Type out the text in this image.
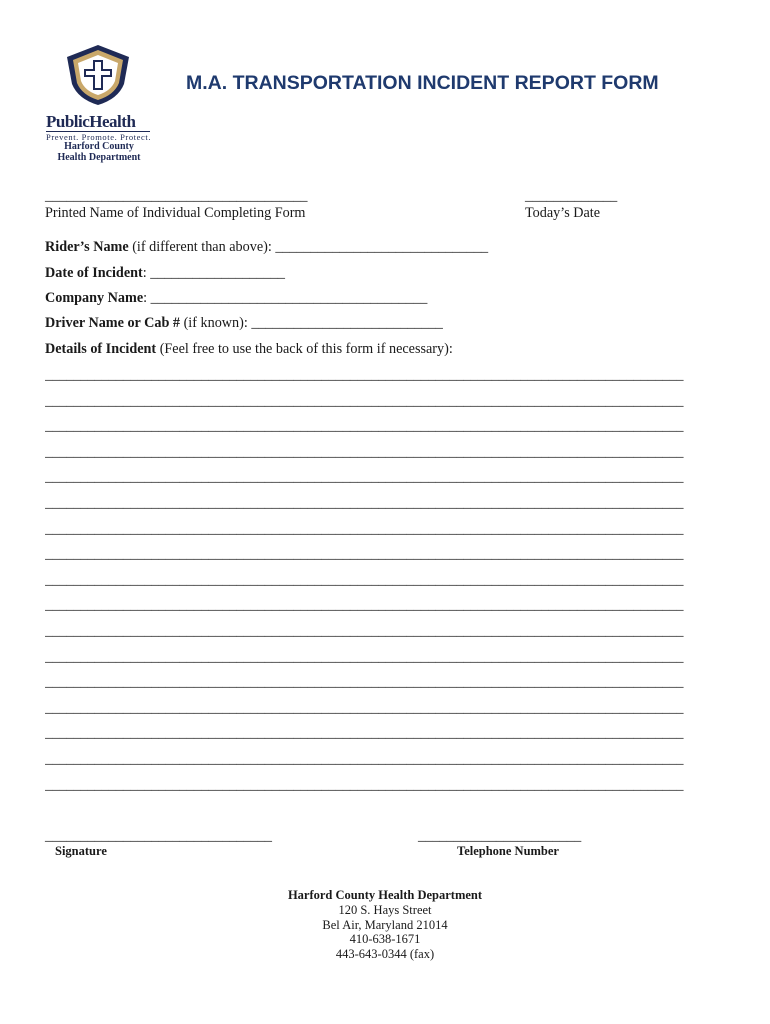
PublicHealth
Prevent. Promote. Protect.
Harford County
Health Department
M.A. TRANSPORTATION INCIDENT REPORT FORM
_____________________________________
Printed Name of Individual Completing Form
_____________
Today’s Date
Rider’s Name (if different than above): ______________________________
Date of Incident: ___________________
Company Name: _______________________________________
Driver Name or Cab # (if known): ___________________________
Details of Incident (Feel free to use the back of this form if necessary):
__________________________________________________________________________________________
__________________________________________________________________________________________
__________________________________________________________________________________________
__________________________________________________________________________________________
__________________________________________________________________________________________
__________________________________________________________________________________________
__________________________________________________________________________________________
__________________________________________________________________________________________
__________________________________________________________________________________________
__________________________________________________________________________________________
__________________________________________________________________________________________
__________________________________________________________________________________________
__________________________________________________________________________________________
__________________________________________________________________________________________
__________________________________________________________________________________________
__________________________________________________________________________________________
__________________________________________________________________________________________
________________________________
Signature
_______________________
Telephone Number
Harford County Health Department
120 S. Hays Street
Bel Air, Maryland 21014
410-638-1671
443-643-0344 (fax)
